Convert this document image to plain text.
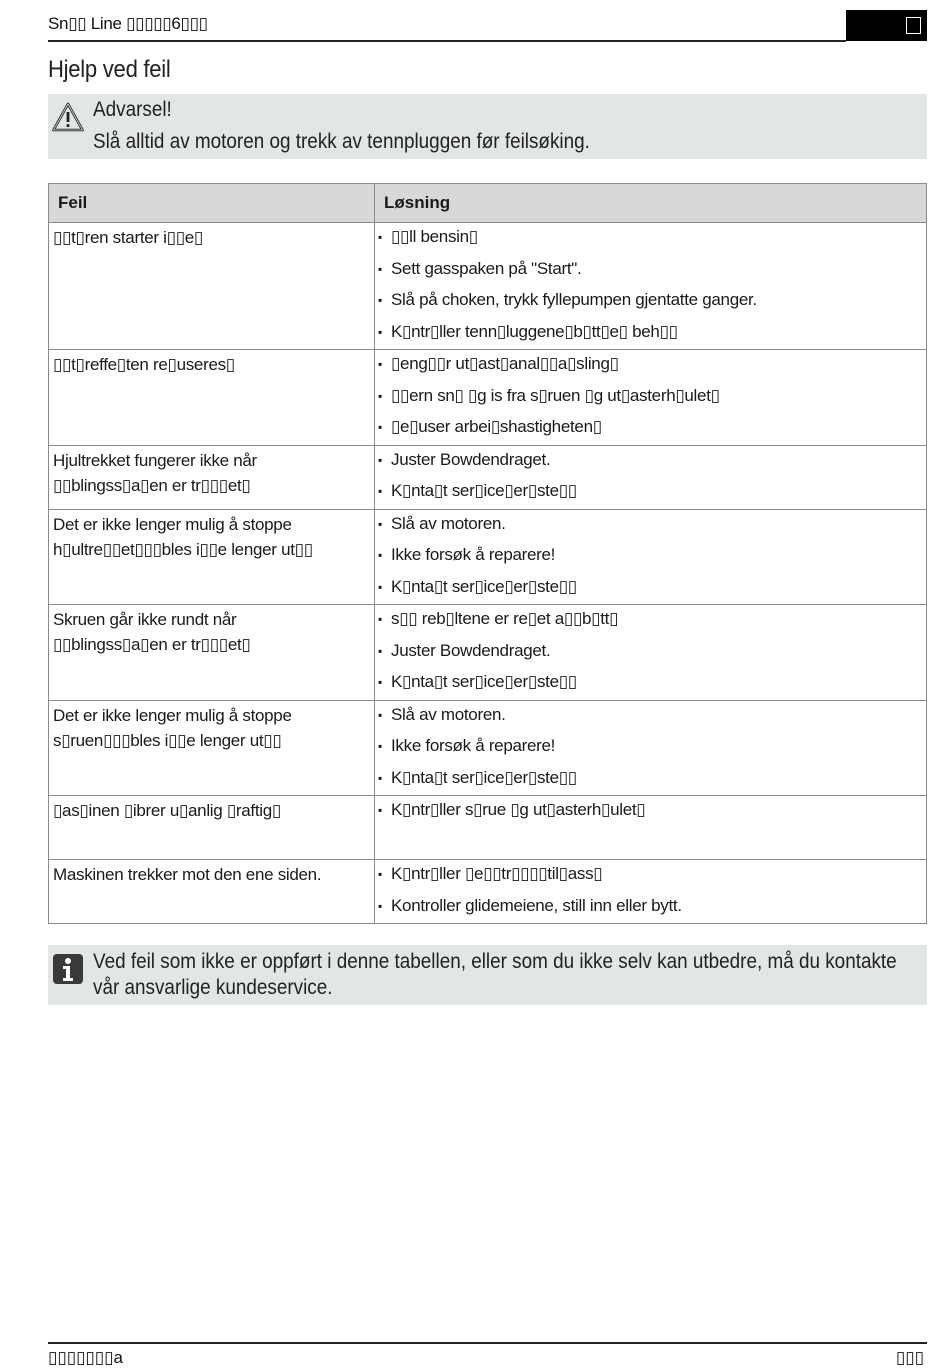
Sn▯▯ Line ▯▯▯▯▯6▯▯▯
Hjelp ved feil
Advarsel!
Slå alltid av motoren og trekk av tennpluggen før feilsøking.
Feil	Løsning

▯▯t▯ren starter i▯▯e▯	▪ ▯▯ll bensin▯
▪ Sett gasspaken på "Start".
▪ Slå på choken, trykk fyllepumpen gjentatte ganger.
▪ K▯ntr▯ller tenn▯luggene▯b▯tt▯e▯ beh▯▯

▯▯t▯reffe▯ten re▯useres▯	▪ ▯eng▯▯r ut▯ast▯anal▯▯a▯sling▯
▪ ▯▯ern sn▯ ▯g is fra s▯ruen ▯g ut▯asterh▯ulet▯
▪ ▯e▯user arbei▯shastigheten▯

Hjultrekket fungerer ikke når
▯▯blingss▯a▯en er tr▯▯▯et▯	▪ Juster Bowdendraget.
▪ K▯nta▯t ser▯ice▯er▯ste▯▯

Det er ikke lenger mulig å stoppe
h▯ultre▯▯et▯▯▯bles i▯▯e lenger ut▯▯	▪ Slå av motoren.
▪ Ikke forsøk å reparere!
▪ K▯nta▯t ser▯ice▯er▯ste▯▯

Skruen går ikke rundt når
▯▯blingss▯a▯en er tr▯▯▯et▯	▪ s▯▯ reb▯ltene er re▯et a▯▯b▯tt▯
▪ Juster Bowdendraget.
▪ K▯nta▯t ser▯ice▯er▯ste▯▯

Det er ikke lenger mulig å stoppe
s▯ruen▯▯▯bles i▯▯e lenger ut▯▯	▪ Slå av motoren.
▪ Ikke forsøk å reparere!
▪ K▯nta▯t ser▯ice▯er▯ste▯▯

▯as▯inen ▯ibrer u▯anlig ▯raftig▯	▪ K▯ntr▯ller s▯rue ▯g ut▯asterh▯ulet▯

Maskinen trekker mot den ene siden.	▪ K▯ntr▯ller ▯e▯▯tr▯▯▯▯til▯ass▯
▪ Kontroller glidemeiene, still inn eller bytt.
Ved feil som ikke er oppført i denne tabellen, eller som du ikke selv kan utbedre, må du kontakte vår ansvarlige kundeservice.
▯▯▯▯▯▯▯a	▯▯▯
